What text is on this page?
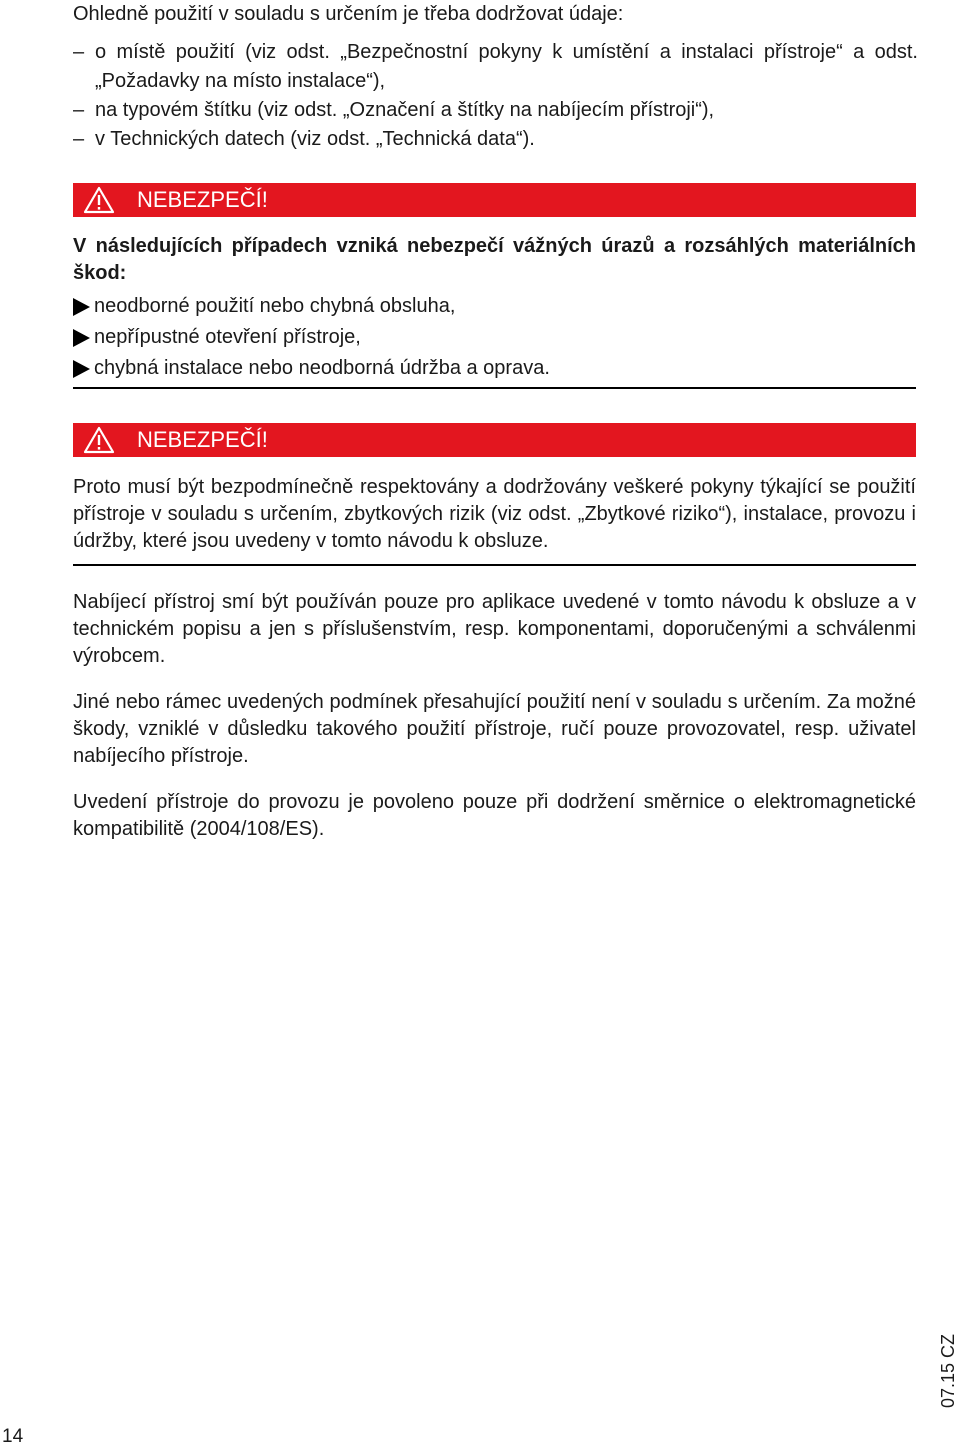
Ohledně použití v souladu s určením je třeba dodržovat údaje:

– o místě použití (viz odst. „Bezpečnostní pokyny k umístění a instalaci přístroje“ a odst. „Požadavky na místo instalace“),
– na typovém štítku (viz odst. „Označení a štítky na nabíjecím přístroji“),
– v Technických datech (viz odst. „Technická data“).
NEBEZPEČÍ!

V následujících případech vzniká nebezpečí vážných úrazů a rozsáhlých materiálních škod:

neodborné použití nebo chybná obsluha,
nepřípustné otevření přístroje,
chybná instalace nebo neodborná údržba a oprava.
NEBEZPEČÍ!

Proto musí být bezpodmínečně respektovány a dodržovány veškeré pokyny týkající se použití přístroje v souladu s určením, zbytkových rizik (viz odst. „Zbytkové riziko“), instalace, provozu i údržby, které jsou uvedeny v tomto návodu k obsluze.

Nabíjecí přístroj smí být používán pouze pro aplikace uvedené v tomto návodu k obsluze a v technickém popisu a jen s příslušenstvím, resp. komponentami, doporučenými a schválenmi výrobcem.

Jiné nebo rámec uvedených podmínek přesahující použití není v souladu s určením. Za možné škody, vzniklé v důsledku takového použití přístroje, ručí pouze provozovatel, resp. uživatel nabíjecího přístroje.

Uvedení přístroje do provozu je povoleno pouze při dodržení směrnice o elektromagnetické kompatibilitě (2004/108/ES).

14
07.15 CZ
